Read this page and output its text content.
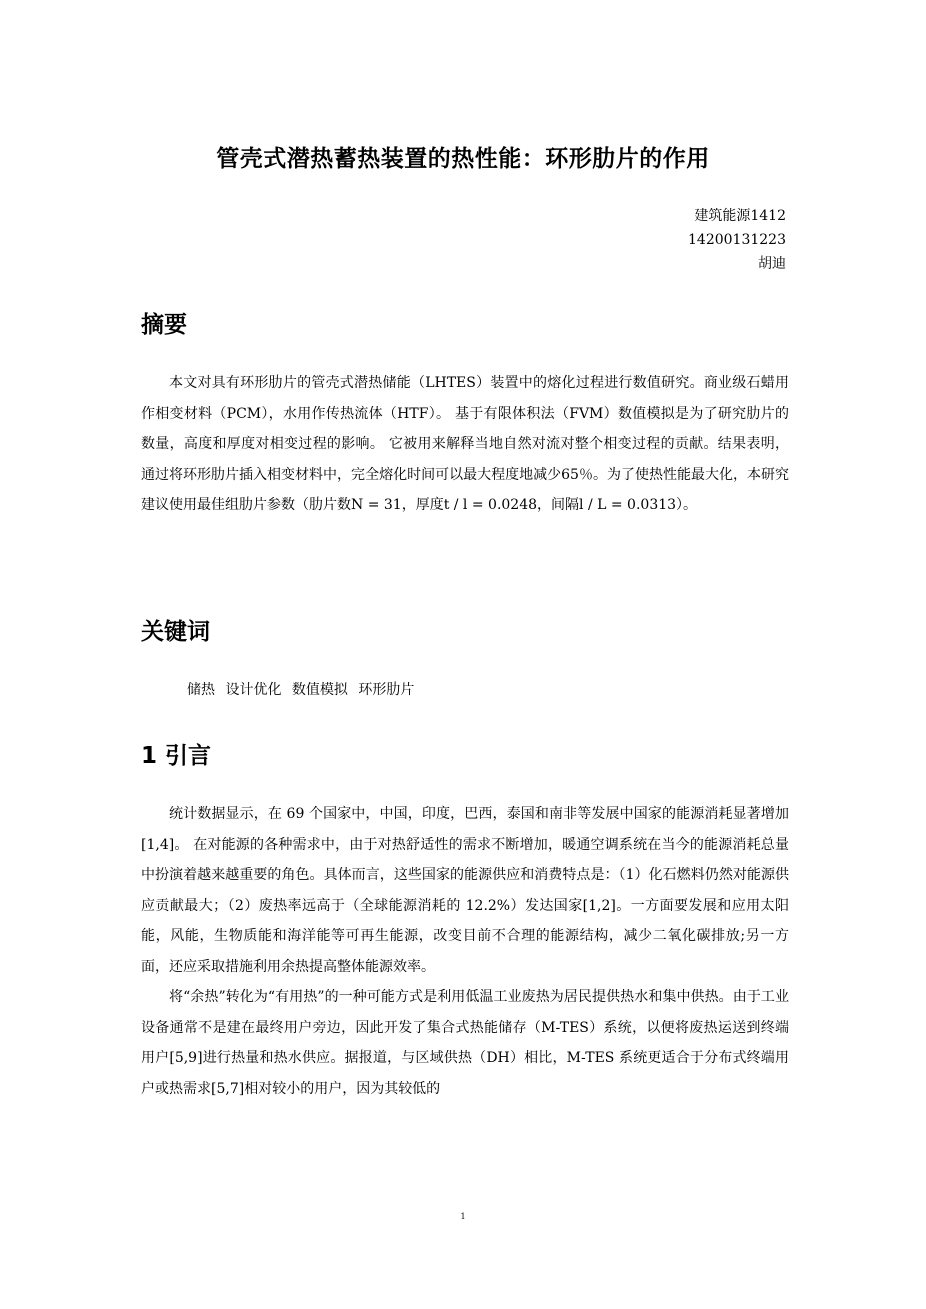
管壳式潜热蓄热装置的热性能：环形肋片的作用
建筑能源1412
14200131223
胡迪
摘要

本文对具有环形肋片的管壳式潜热储能（LHTES）装置中的熔化过程进行数值研究。商业级石蜡用作相变材料（PCM），水用作传热流体（HTF）。 基于有限体积法（FVM）数值模拟是为了研究肋片的数量，高度和厚度对相变过程的影响。 它被用来解释当地自然对流对整个相变过程的贡献。结果表明，通过将环形肋片插入相变材料中，完全熔化时间可以最大程度地减少65％。为了使热性能最大化，本研究建议使用最佳组肋片参数（肋片数N = 31，厚度t / l = 0.0248，间隔l / L = 0.0313）。

关键词
储热 设计优化 数值模拟 环形肋片
1 引言

统计数据显示，在 69 个国家中，中国，印度，巴西，泰国和南非等发展中国家的能源消耗显著增加[1,4]。 在对能源的各种需求中，由于对热舒适性的需求不断增加，暖通空调系统在当今的能源消耗总量中扮演着越来越重要的角色。具体而言，这些国家的能源供应和消费特点是：（1）化石燃料仍然对能源供应贡献最大；（2）废热率远高于（全球能源消耗的 12.2%）发达国家[1,2]。一方面要发展和应用太阳能，风能，生物质能和海洋能等可再生能源，改变目前不合理的能源结构，减少二氧化碳排放;另一方面，还应采取措施利用余热提高整体能源效率。

将“余热”转化为“有用热”的一种可能方式是利用低温工业废热为居民提供热水和集中供热。由于工业设备通常不是建在最终用户旁边，因此开发了集合式热能储存（M-TES）系统，以便将废热运送到终端用户[5,9]进行热量和热水供应。据报道，与区域供热（DH）相比，M-TES 系统更适合于分布式终端用户或热需求[5,7]相对较小的用户，因为其较低的

1
